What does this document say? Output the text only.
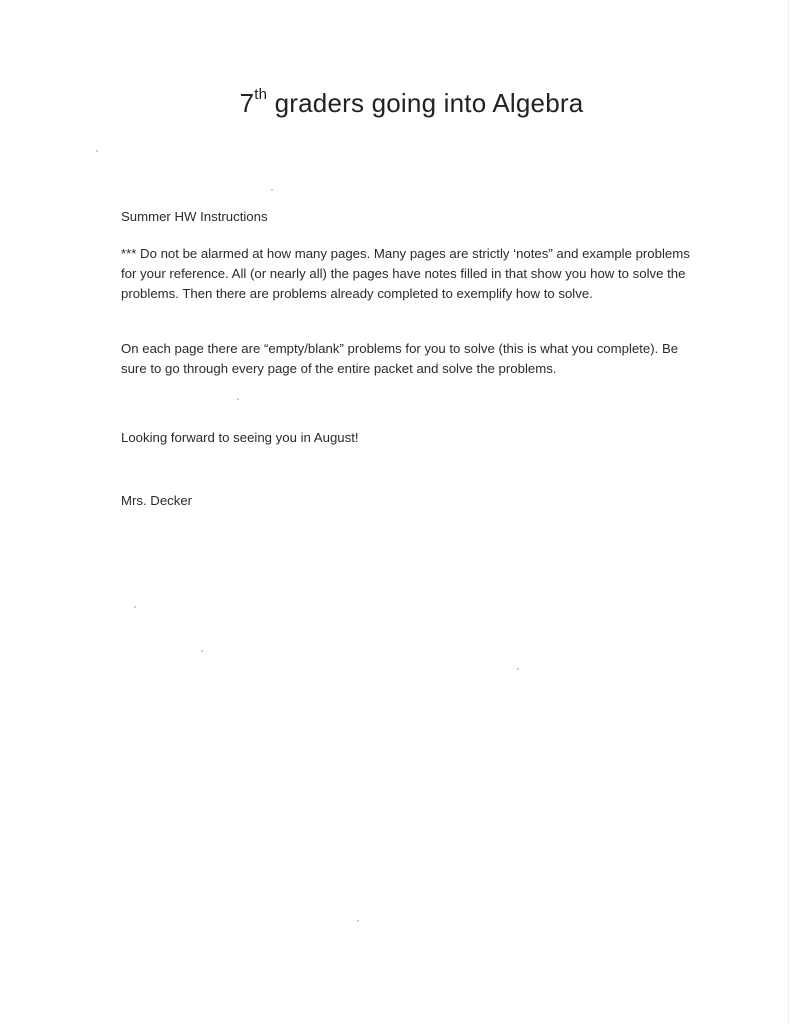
7th graders going into Algebra
Summer HW Instructions
*** Do not be alarmed at how many pages. Many pages are strictly ‘notes” and example problems for your reference. All (or nearly all) the pages have notes filled in that show you how to solve the problems. Then there are problems already completed to exemplify how to solve.
On each page there are “empty/blank” problems for you to solve (this is what you complete). Be sure to go through every page of the entire packet and solve the problems.
Looking forward to seeing you in August!
Mrs. Decker
